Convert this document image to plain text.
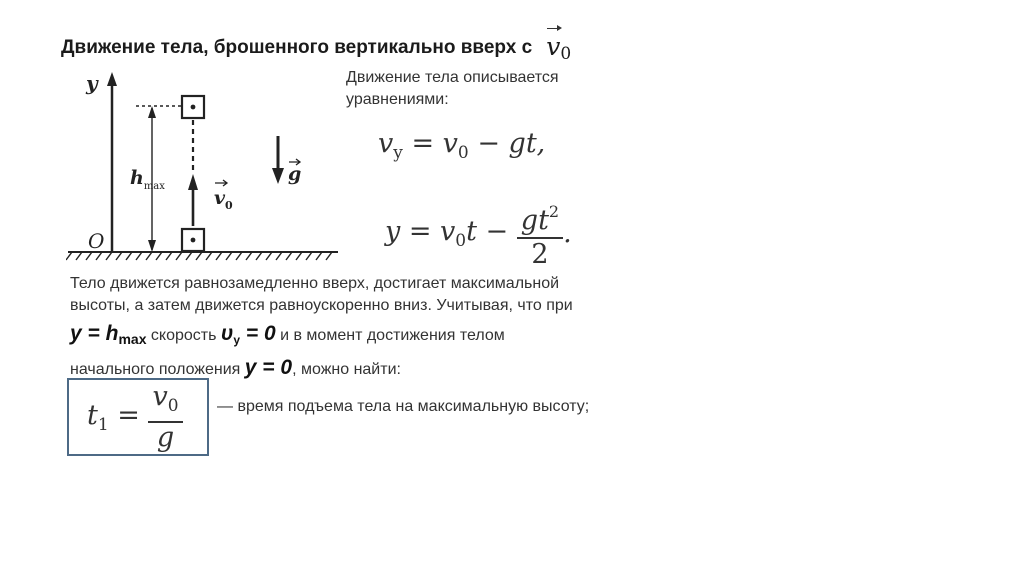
Движение тела, брошенного вертикально вверх с $v_0$
y
O
$h_{max}$
$v_0$
g
Движение тела описывается
уравнениями:
$v_y = v_0$ − gt,
$y = v_0t - \frac{gt^2}{2}$ .
Тело движется равнозамедленно вверх, достигает максимальной
высоты, а затем движется равноускоренно вниз. Учитывая, что при
$y = h_{max}$ скорость $\upsilon_y = 0$ и в момент достижения телом
начального положения y = 0, можно найти:
$t_1 = \frac{v_0}{g}$ — время подъема тела на максимальную высоту;
